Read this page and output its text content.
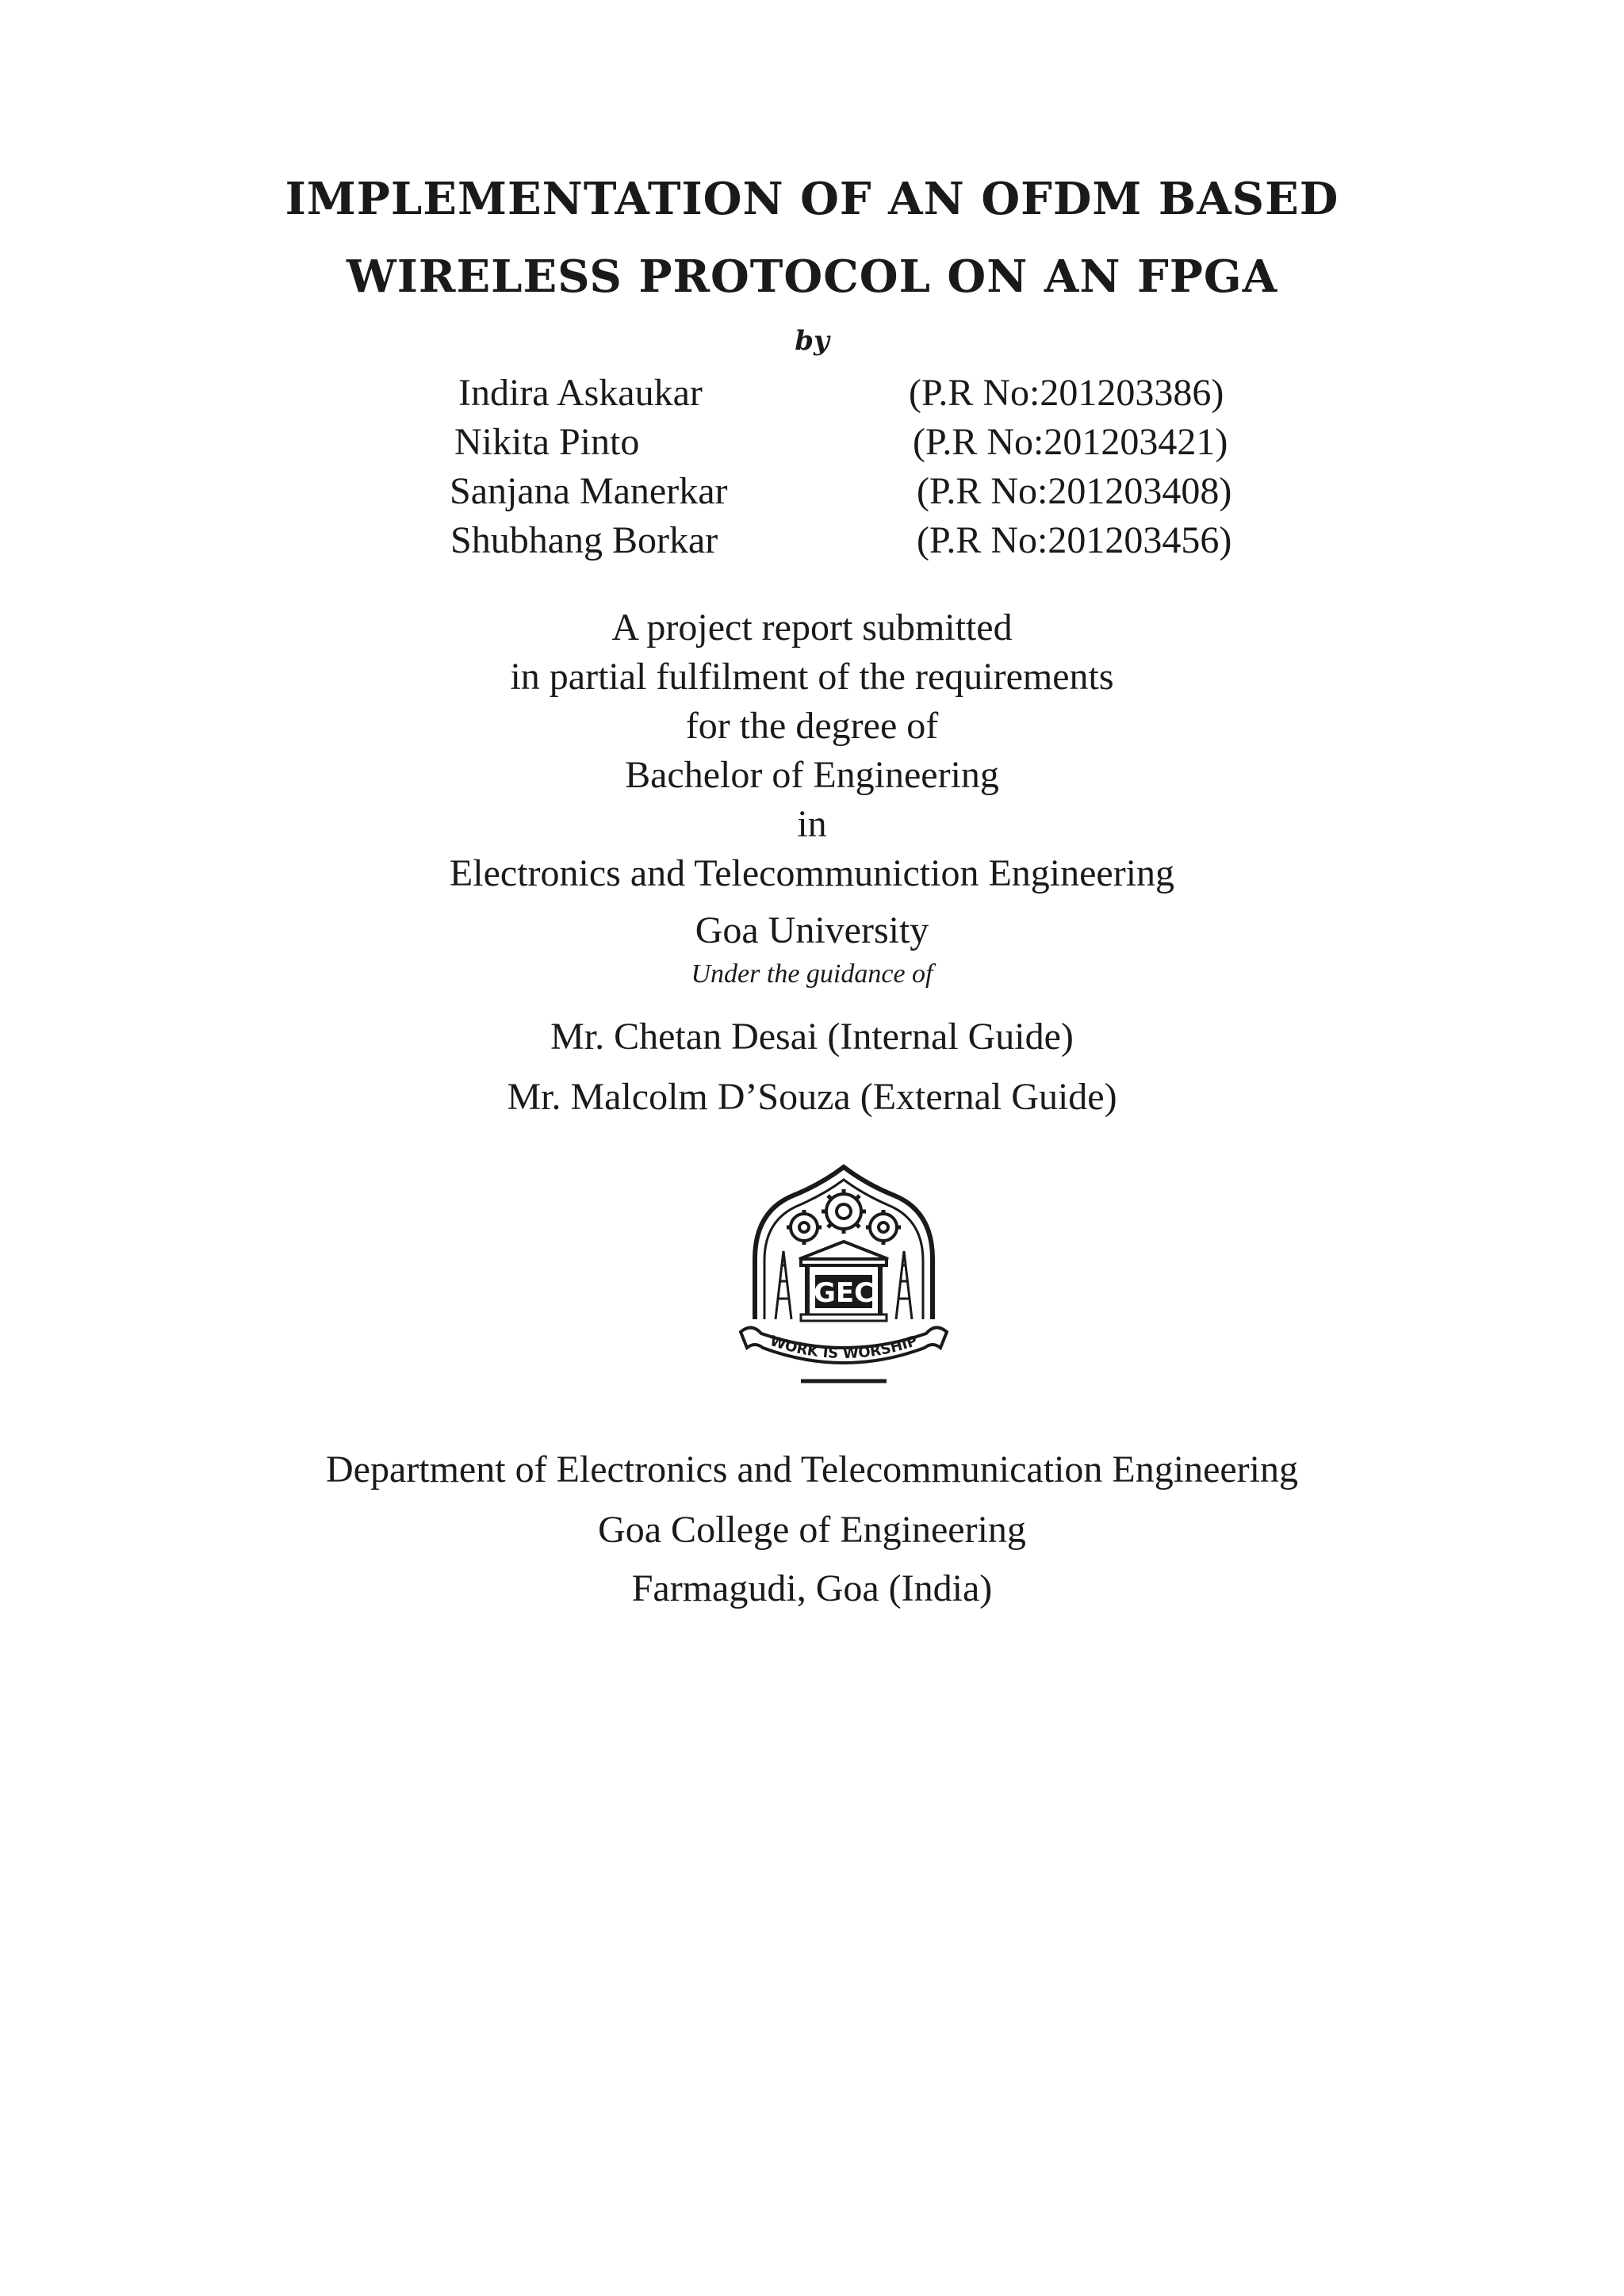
IMPLEMENTATION OF AN OFDM BASED
WIRELESS PROTOCOL ON AN FPGA
by
Indira Askaukar	(P.R No:201203386)
Nikita Pinto	(P.R No:201203421)
Sanjana Manerkar	(P.R No:201203408)
Shubhang Borkar	(P.R No:201203456)
A project report submitted
in partial fulfilment of the requirements
for the degree of
Bachelor of Engineering
in
Electronics and Telecommuniction Engineering
Goa University
Under the guidance of
Mr. Chetan Desai (Internal Guide)
Mr. Malcolm D’Souza (External Guide)
GEC
WORK IS WORSHIP
Department of Electronics and Telecommunication Engineering
Goa College of Engineering
Farmagudi, Goa (India)
